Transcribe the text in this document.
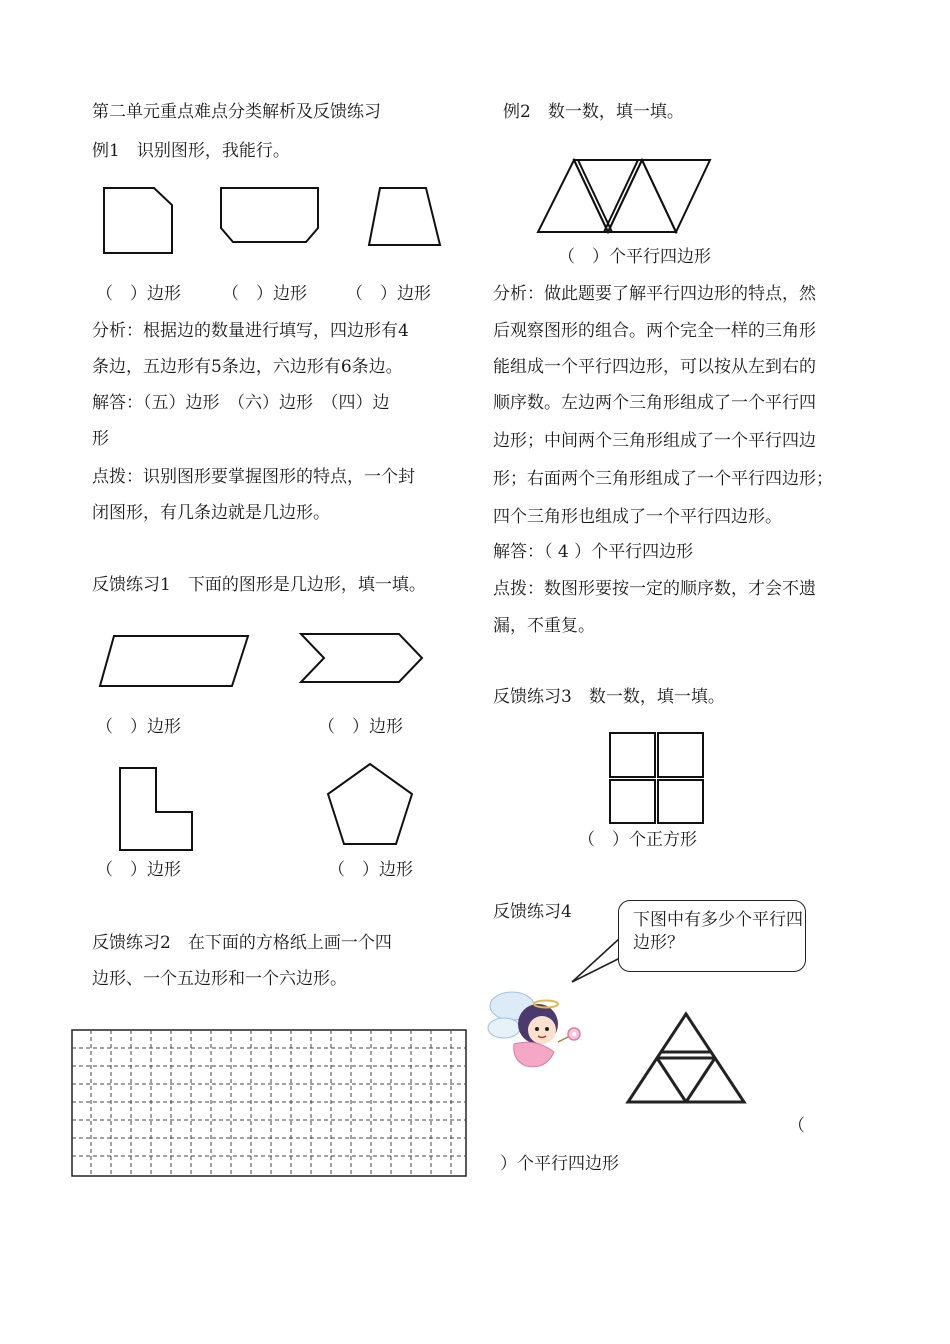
第二单元重点难点分类解析及反馈练习
例1　识别图形，我能行。
（　）边形 （　）边形 （　）边形
分析：根据边的数量进行填写，四边形有4
条边，五边形有5条边，六边形有6条边。
解答：（五）边形　（六）边形　（四）边
形
点拨：识别图形要掌握图形的特点，一个封
闭图形，有几条边就是几边形。
反馈练习1　下面的图形是几边形，填一填。
（　）边形	（　）边形
（　）边形	（　）边形
反馈练习2　在下面的方格纸上画一个四
边形、一个五边形和一个六边形。
例2　数一数，填一填。
（　）个平行四边形
分析：做此题要了解平行四边形的特点，然
后观察图形的组合。两个完全一样的三角形
能组成一个平行四边形，可以按从左到右的
顺序数。左边两个三角形组成了一个平行四
边形；中间两个三角形组成了一个平行四边
形；右面两个三角形组成了一个平行四边形；
四个三角形也组成了一个平行四边形。
解答：（ 4 ）个平行四边形
点拨：数图形要按一定的顺序数，才会不遗
漏，不重复。
反馈练习3　数一数，填一填。
（　）个正方形
反馈练习4	下图中有多少个平行四边形？
（
）个平行四边形
